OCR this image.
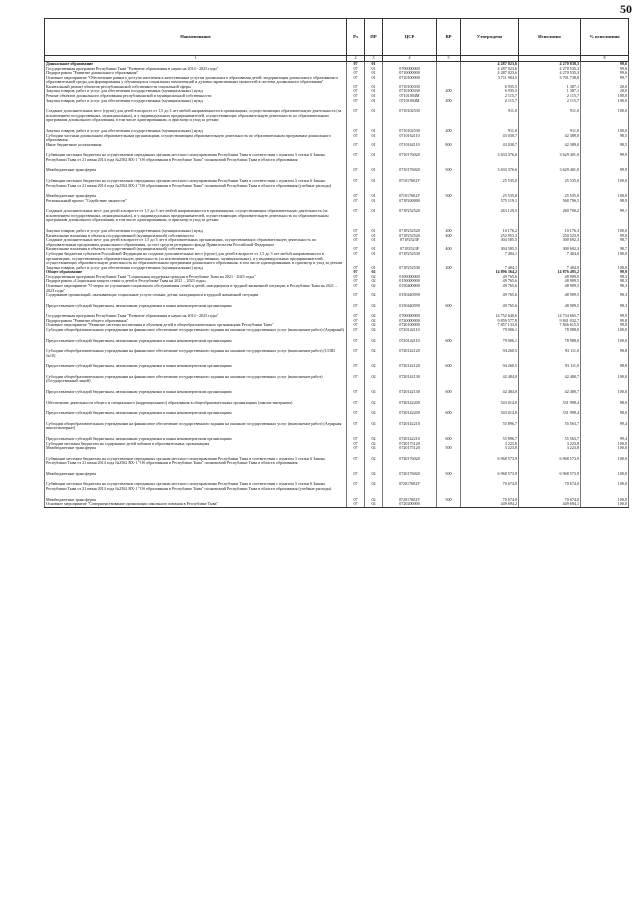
50
Наименование	Рз	ПР	ЦСР	ВР	Утверждено	Исполнено	% исполнения
1	2	3	4	5			8
Дошкольное образование	07	01			4 287 023,6	4 270 838,3	99,6
Государственная программа Республики Тыва "Развитие образования и науки на 2014 - 2025 годы"	07	01	0700000000		4 287 023,6	4 270 535,3	99,6
Подпрограмма "Развитие дошкольного образования"	07	01	0710000000		4 287 023,6	4 270 535,3	99,6
Основное мероприятие "Обеспечение равного доступа населения к качественным услугам дошкольного образования детей; модернизация дошкольного образования и образовательной среды для формирования у обучающихся социальных компетенций и духовно-нравственных ценностей в системе дошкольного образования"	07	01	0710100000		3 711 904,5	3 701 738,8	99,7
Капитальный ремонт объектов республиканской собственности социальной сферы	07	01	0710100330		6 935,5	1 387,1	20,0
Закупка товаров, работ и услуг для обеспечения государственных (муниципальных) нужд	07	01	0710100330	200	6 935,5	1 387,1	20,0
Ремонт объектов дошкольного образования республиканской и муниципальной собственности	07	01	07101004М		2 115,7	2 115,7	100,0
Закупка товаров, работ и услуг для обеспечения государственных (муниципальных) нужд	07	01	07101004М	200	2 115,7	2 115,7	100,0

Создание дополнительных мест (групп) для детей в возрасте от 1,5 до 3 лет любой направленности в организациях, осуществляющих образовательную деятельность (за исключением государственных, муниципальных), и у индивидуальных предпринимателей, осуществляющих образовательную деятельность по образовательным программам дошкольного образования, в том числе адаптированным, и присмотр и уход за детьми	07	01	0710102530		911,0	911,0	100,0

Закупка товаров, работ и услуг для обеспечения государственных (муниципальных) нужд	07	01	0710102530	200	911,0	911,0	100,0
Субсидии частным дошкольным образовательным организациям, осуществляющим образовательную деятельность по образовательным программам дошкольного образования	07	01	0710162110		43 030,7	42 389,0	98,5
Иные бюджетные ассигнования	07	01	0710162110	800	43 030,7	42 389,0	98,5

Субвенции местным бюджетам на осуществление переданных органам местного самоуправления Республики Тыва в соответствии с пунктом 3 статьи 6 Закона Республики Тыва от 21 июня 2014 года №2562 ВХ-1 "Об образовании в Республике Тыва" полномочий Республики Тыва в области образования	07	01	0710176020		3 633 376,6	3 629 401,0	99,9

Межбюджетные трансферты	07	01	0710176020	500	3 633 376,6	3 629 401,0	99,9

Субвенции местным бюджетам на осуществление переданных органам местного самоуправления Республики Тыва в соответствии с пунктом 3 статьи 6 Закона Республики Тыва от 21 июня 2014 года №2562 ВХ-1 "Об образовании в Республике Тыва" полномочий Республики Тыва в области образования (учебные расходы)	07	01	071017602У		25 535,0	25 535,0	100,0

Межбюджетные трансферты	07	01	071017602У	500	25 535,0	25 535,0	100,0
Региональный проект "Содействие занятости"	07	01	071Р200000		575 119,1	568 796,5	98,9

Создание дополнительных мест для детей в возрасте от 1,5 до 3 лет любой направленности в организациях, осуществляющих образовательную деятельность (за исключением государственных, муниципальных), и у индивидуальных предпринимателей, осуществляющих образовательную деятельность по образовательным программам дошкольного образования, в том числе адаптированным, и присмотр и уход за детьми	07	01	071Р252520		263 129,5	260 700,2	99,1

Закупка товаров, работ и услуг для обеспечения государственных (муниципальных) нужд	07	01	071Р252520	200	10 176,2	10 176,3	100,0
Капитальные вложения в объекты государственной (муниципальной) собственности	07	01	071Р252520	400	252 953,3	250 523,9	99,0
Создание дополнительных мест для детей в возрасте от 1,5 до 3 лет в образовательных организациях, осуществляющих образовательную деятельность по образовательным программам дошкольного образования, за счет средств резервного фонда Правительства Российской Федерации	07	01	071Р2523F		304 585,5	300 692,3	98,7
Капитальные вложения в объекты государственной (муниципальной) собственности	07	01	071Р2523F	400	304 585,5	300 692,3	98,7
Субсидии бюджетам субъектов Российской Федерации на создание дополнительных мест (групп) для детей в возрасте от 1,5 до 3 лет любой направленности в организациях, осуществляющих образовательную деятельность (за исключением государственных, муниципальных), и у индивидуальных предпринимателей, осуществляющих образовательную деятельность по образовательным программам дошкольного образования, в том числе адаптированным, и присмотр и уход за детьми	07	01	071Р252530		7 404,1	7 404,0	100,0
Закупка товаров, работ и услуг для обеспечения государственных (муниципальных) нужд	07	01	071Р252530	200	7 404,1	7 404,0	100,0
Общее образование	07	02			14 896 364,2	14 876 495,2	99,9
Государственная программа Республики Тыва "Социальная поддержка граждан в Республике Тыва на 2021 - 2023 годы"	07	02	0100000000		49 765,6	48 909,5	98,3
Подпрограмма «Социальная защита семьи и детей в Республике Тыва на 2021 – 2023 годы»	07	02	0150000000		49 765,6	48 909,5	98,3
Основное мероприятие "О мерах по улучшению социального обслуживания семей и детей, находящихся в трудной жизненной ситуации, в Республике Тыва на 2021 – 2023 годы"	07	02	0150400000		49 765,6	48 909,5	98,3
Содержание организаций, оказывающих социальные услуги семьям, детям, находящимся в трудной жизненной ситуации	07	02	0150440590		49 765,6	48 909,5	98,3

Предоставление субсидий бюджетным, автономным учреждениям и иным некоммерческим организациям	07	02	0150440590	600	49 765,6	48 909,5	98,3

Государственная программа Республики Тыва "Развитие образования и науки на 2014 - 2025 годы"	07	02	0700000000		14 752 640,6	14 734 665,7	99,9
Подпрограмма "Развитие общего образования"	07	02	0720000000		9 859 577,8	9 841 032,7	99,8
Основное мероприятие "Развитие системы воспитания и обучения детей в общеобразовательных организациях Республики Тыва"	07	02	0720100000		7 857 133,0	7 846 615,5	99,8
Субсидии общеобразовательным учреждениям на финансовое обеспечение государственного задания на оказание государственных услуг (выполнение работ) (Аграрный)	07	02	0720142110		79 006,1	78 988,0	100,0

Предоставление субсидий бюджетным, автономным учреждениям и иным некоммерческим организациям	07	02	0720142110	600	79 006,1	78 988,0	100,0

Субсидии общеобразовательным учреждениям на финансовое обеспечение государственного задания на оказание государственных услуг (выполнение работ) (СОШ №10)	07	02	0720142120		94 260,5	93 111,0	98,8

Предоставление субсидий бюджетным, автономным учреждениям и иным некоммерческим организациям	07	02	0720142120	600	94 260,5	93 111,0	98,8

Субсидии общеобразовательным учреждениям на финансовое обеспечение государственного задания на оказание государственных услуг (выполнение работ) (Государственный лицей)	07	02	0720142130		42 484,0	42 480,7	100,0

Предоставление субсидий бюджетным, автономным учреждениям и иным некоммерческим организациям	07	02	0720142130	600	42 484,0	42 480,7	100,0

Обеспечение деятельности общего и специального (коррекционного) образования в общеобразовательных организациях (школы-интернаты)	07	02	0720142200		543 014,0	531 998,4	98,0

Предоставление субсидий бюджетным, автономным учреждениям и иным некоммерческим организациям	07	02	0720142200	600	543 014,0	531 998,4	98,0

Субсидии общеобразовательным учреждениям на финансовое обеспечение государственного задания на оказание государственных услуг (выполнение работ) (Аграрная школа-интернат)	07	02	0720142210		55 896,7	55 563,7	99,4

Предоставление субсидий бюджетным, автономным учреждениям и иным некоммерческим организациям	07	02	0720142210	600	55 896,7	55 563,7	99,4
Субсидии местным бюджетам на содержание детей чабанов в образовательных организациях	07	02	0720175120		3 223,8	3 223,8	100,0
Межбюджетные трансферты	07	02	0720175120	500	3 223,8	3 223,8	100,0

Субвенции местным бюджетам на осуществление переданных органам местного самоуправления Республики Тыва в соответствии с пунктом 3 статьи 6 Закона Республики Тыва от 21 июня 2014 года №2562 ВХ-1 "Об образовании в Республике Тыва" полномочий Республики Тыва в области образования	07	02	0720176020		6 968 573,9	6 968 573,9	100,0

Межбюджетные трансферты	07	02	0720176020	500	6 968 573,9	6 968 573,9	100,0

Субвенции местным бюджетам на осуществление переданных органам местного самоуправления Республики Тыва в соответствии с пунктом 3 статьи 6 Закона Республики Тыва от 21 июня 2014 года №2562 ВХ-1 "Об образовании в Республике Тыва" полномочий Республики Тыва в области образования (учебные расходы)	07	02	072017602У		70 674,0	70 674,0	100,0

Межбюджетные трансферты	07	02	072017602У	500	70 674,0	70 674,0	100,0
Основное мероприятие "Совершенствование организации школьного питания в Республике Тыва"	07	02	0720200000		449 694,2	449 694,1	100,0
